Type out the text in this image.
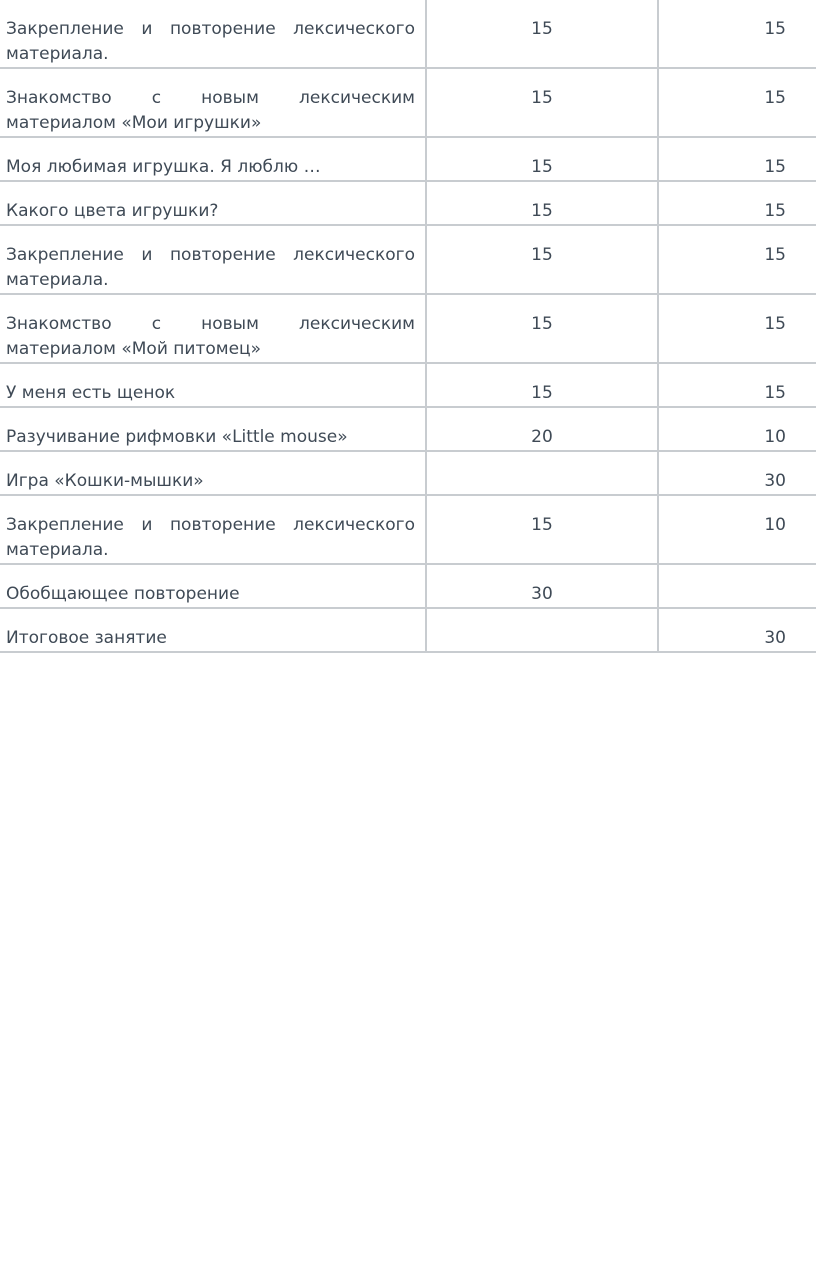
Закрепление и повторение лексического материала.	15	15
Знакомство с новым лексическим материалом «Мои игрушки»	15	15
Моя любимая игрушка. Я люблю …	15	15
Какого цвета игрушки?	15	15
Закрепление и повторение лексического материала.	15	15
Знакомство с новым лексическим материалом «Мой питомец»	15	15
У меня есть щенок	15	15
Разучивание рифмовки «Little mouse»	20	10
Игра «Кошки-мышки»		30
Закрепление и повторение лексического материала.	15	10
Обобщающее повторение	30	
Итоговое занятие		30
